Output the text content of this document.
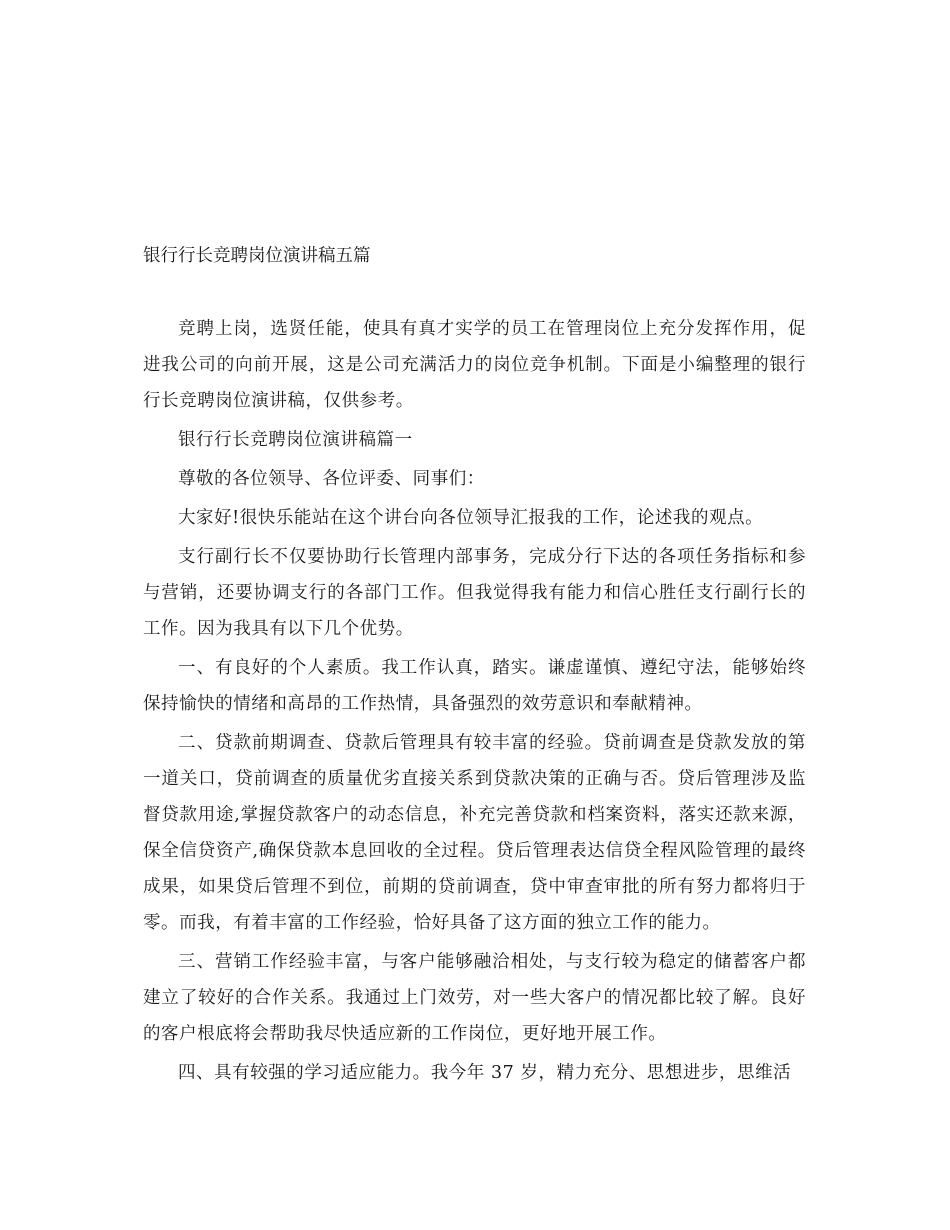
银行行长竞聘岗位演讲稿五篇

竞聘上岗，选贤任能，使具有真才实学的员工在管理岗位上充分发挥作用，促进我公司的向前开展，这是公司充满活力的岗位竞争机制。下面是小编整理的银行行长竞聘岗位演讲稿，仅供参考。

银行行长竞聘岗位演讲稿篇一

尊敬的各位领导、各位评委、同事们：

大家好!很快乐能站在这个讲台向各位领导汇报我的工作，论述我的观点。

支行副行长不仅要协助行长管理内部事务，完成分行下达的各项任务指标和参与营销，还要协调支行的各部门工作。但我觉得我有能力和信心胜任支行副行长的工作。因为我具有以下几个优势。

一、有良好的个人素质。我工作认真，踏实。谦虚谨慎、遵纪守法，能够始终保持愉快的情绪和高昂的工作热情，具备强烈的效劳意识和奉献精神。

二、贷款前期调查、贷款后管理具有较丰富的经验。贷前调查是贷款发放的第一道关口，贷前调查的质量优劣直接关系到贷款决策的正确与否。贷后管理涉及监督贷款用途,掌握贷款客户的动态信息，补充完善贷款和档案资料，落实还款来源，保全信贷资产,确保贷款本息回收的全过程。贷后管理表达信贷全程风险管理的最终成果，如果贷后管理不到位，前期的贷前调查，贷中审查审批的所有努力都将归于零。而我，有着丰富的工作经验，恰好具备了这方面的独立工作的能力。

三、营销工作经验丰富，与客户能够融洽相处，与支行较为稳定的储蓄客户都建立了较好的合作关系。我通过上门效劳，对一些大客户的情况都比较了解。良好的客户根底将会帮助我尽快适应新的工作岗位，更好地开展工作。

四、具有较强的学习适应能力。我今年 37 岁，精力充分、思想进步，思维活
